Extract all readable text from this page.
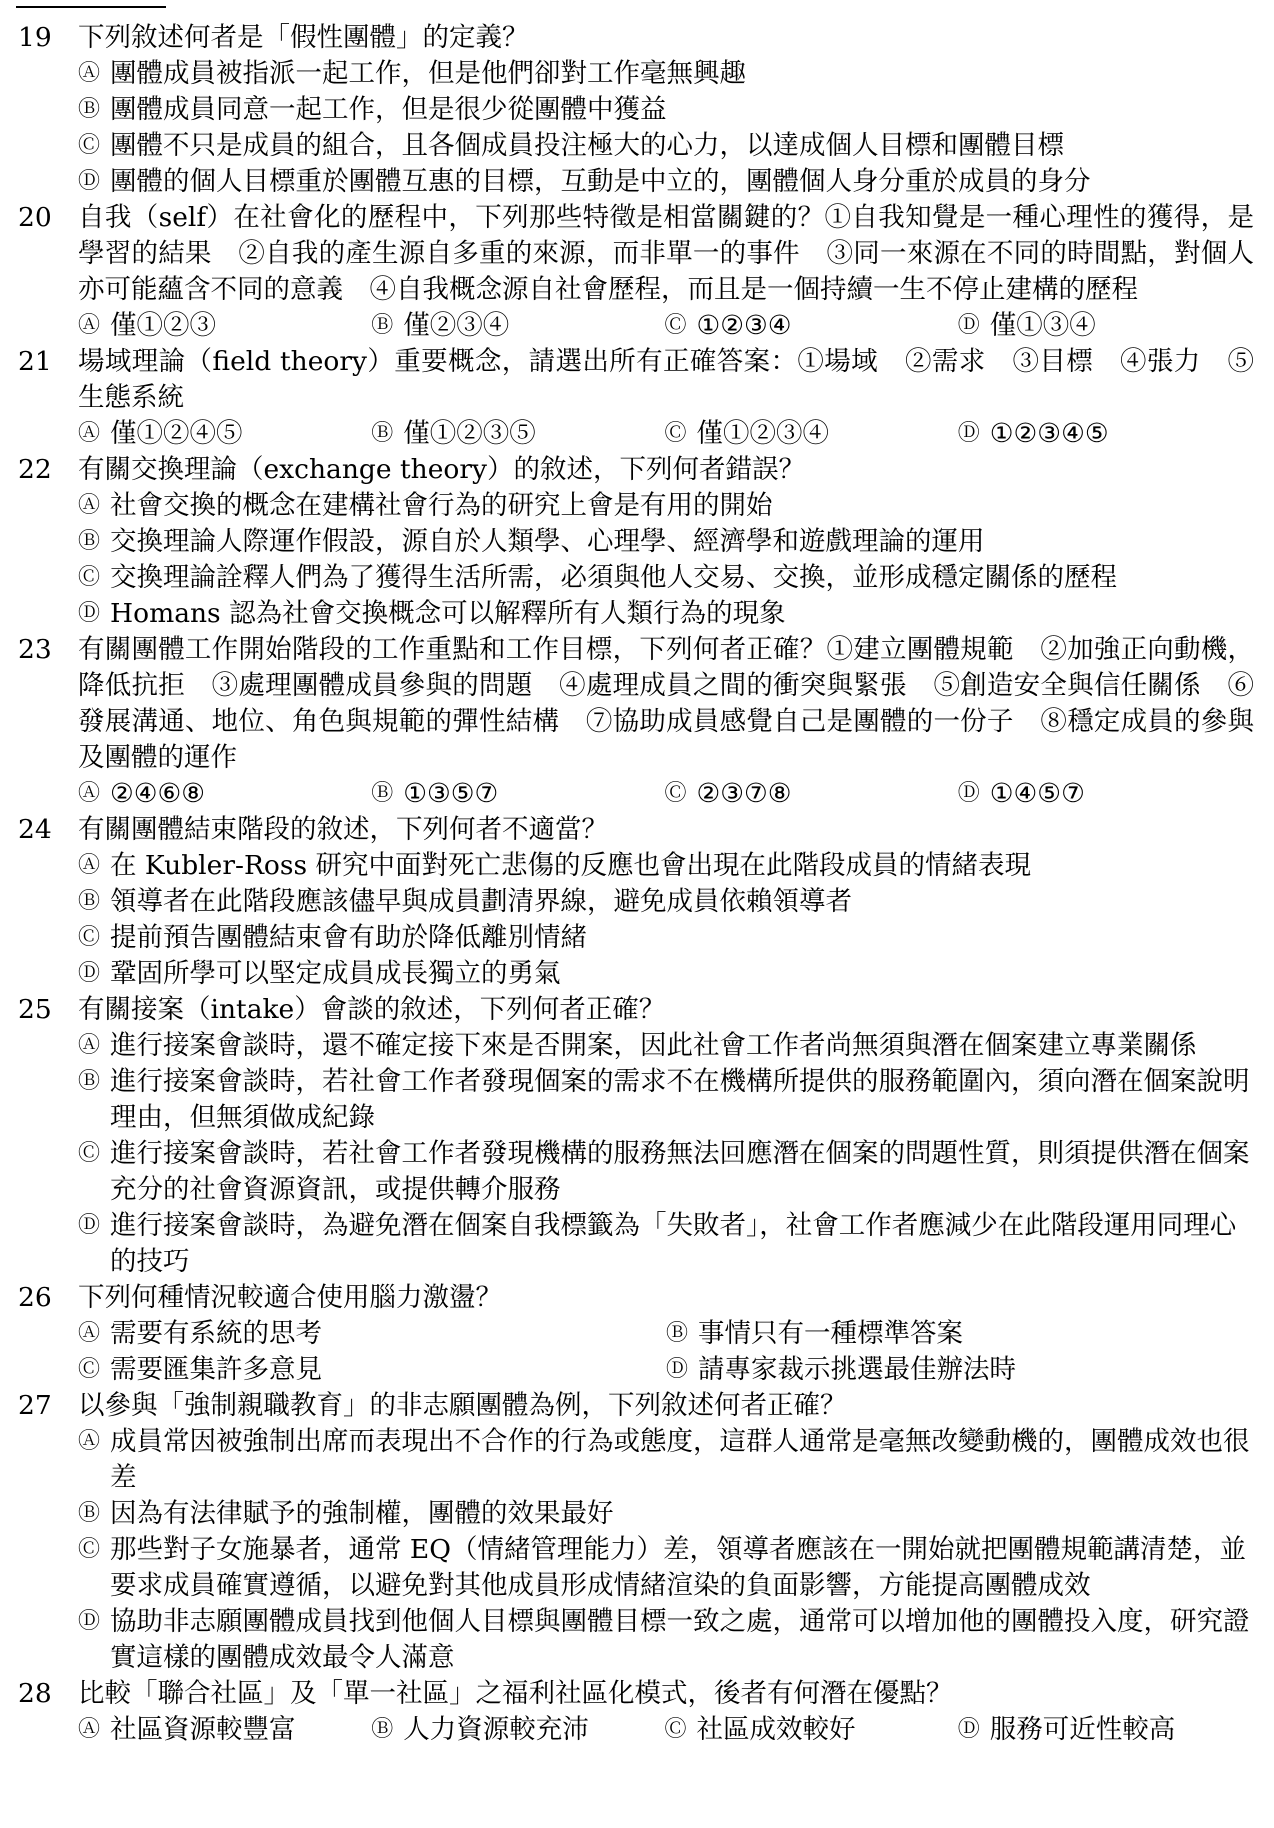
19 下列敘述何者是「假性團體」的定義？
Ⓐ 團體成員被指派一起工作，但是他們卻對工作毫無興趣
Ⓑ 團體成員同意一起工作，但是很少從團體中獲益
Ⓒ 團體不只是成員的組合，且各個成員投注極大的心力，以達成個人目標和團體目標
Ⓓ 團體的個人目標重於團體互惠的目標，互動是中立的，團體個人身分重於成員的身分
20 自我（self）在社會化的歷程中，下列那些特徵是相當關鍵的？①自我知覺是一種心理性的獲得，是學習的結果　②自我的產生源自多重的來源，而非單一的事件　③同一來源在不同的時間點，對個人亦可能蘊含不同的意義　④自我概念源自社會歷程，而且是一個持續一生不停止建構的歷程
Ⓐ 僅①②③	Ⓑ 僅②③④	Ⓒ ①②③④	Ⓓ 僅①③④
21 場域理論（field theory）重要概念，請選出所有正確答案：①場域　②需求　③目標　④張力　⑤生態系統
Ⓐ 僅①②④⑤	Ⓑ 僅①②③⑤	Ⓒ 僅①②③④	Ⓓ ①②③④⑤
22 有關交換理論（exchange theory）的敘述，下列何者錯誤？
Ⓐ 社會交換的概念在建構社會行為的研究上會是有用的開始
Ⓑ 交換理論人際運作假設，源自於人類學、心理學、經濟學和遊戲理論的運用
Ⓒ 交換理論詮釋人們為了獲得生活所需，必須與他人交易、交換，並形成穩定關係的歷程
Ⓓ Homans 認為社會交換概念可以解釋所有人類行為的現象
23 有關團體工作開始階段的工作重點和工作目標，下列何者正確？①建立團體規範　②加強正向動機，降低抗拒　③處理團體成員參與的問題　④處理成員之間的衝突與緊張　⑤創造安全與信任關係　⑥發展溝通、地位、角色與規範的彈性結構　⑦協助成員感覺自己是團體的一份子　⑧穩定成員的參與及團體的運作
Ⓐ ②④⑥⑧	Ⓑ ①③⑤⑦	Ⓒ ②③⑦⑧	Ⓓ ①④⑤⑦
24 有關團體結束階段的敘述，下列何者不適當？
Ⓐ 在 Kubler-Ross 研究中面對死亡悲傷的反應也會出現在此階段成員的情緒表現
Ⓑ 領導者在此階段應該儘早與成員劃清界線，避免成員依賴領導者
Ⓒ 提前預告團體結束會有助於降低離別情緒
Ⓓ 鞏固所學可以堅定成員成長獨立的勇氣
25 有關接案（intake）會談的敘述，下列何者正確？
Ⓐ 進行接案會談時，還不確定接下來是否開案，因此社會工作者尚無須與潛在個案建立專業關係
Ⓑ 進行接案會談時，若社會工作者發現個案的需求不在機構所提供的服務範圍內，須向潛在個案說明理由，但無須做成紀錄
Ⓒ 進行接案會談時，若社會工作者發現機構的服務無法回應潛在個案的問題性質，則須提供潛在個案充分的社會資源資訊，或提供轉介服務
Ⓓ 進行接案會談時，為避免潛在個案自我標籤為「失敗者」，社會工作者應減少在此階段運用同理心的技巧
26 下列何種情況較適合使用腦力激盪？
Ⓐ 需要有系統的思考	Ⓑ 事情只有一種標準答案
Ⓒ 需要匯集許多意見	Ⓓ 請專家裁示挑選最佳辦法時
27 以參與「強制親職教育」的非志願團體為例，下列敘述何者正確？
Ⓐ 成員常因被強制出席而表現出不合作的行為或態度，這群人通常是毫無改變動機的，團體成效也很差
Ⓑ 因為有法律賦予的強制權，團體的效果最好
Ⓒ 那些對子女施暴者，通常 EQ（情緒管理能力）差，領導者應該在一開始就把團體規範講清楚，並要求成員確實遵循，以避免對其他成員形成情緒渲染的負面影響，方能提高團體成效
Ⓓ 協助非志願團體成員找到他個人目標與團體目標一致之處，通常可以增加他的團體投入度，研究證實這樣的團體成效最令人滿意
28 比較「聯合社區」及「單一社區」之福利社區化模式，後者有何潛在優點？
Ⓐ 社區資源較豐富	Ⓑ 人力資源較充沛	Ⓒ 社區成效較好	Ⓓ 服務可近性較高
